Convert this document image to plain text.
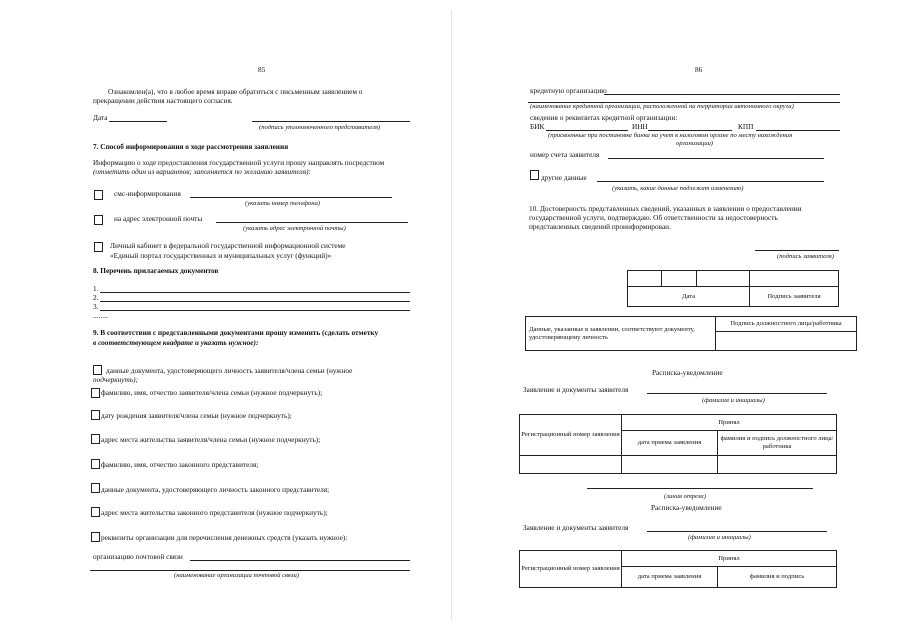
85
Ознакомлен(а), что в любое время вправе обратиться с письменным заявлением о
прекращении действия настоящего согласия.
Дата
(подпись уполномоченного представителя)
7. Способ информирования о ходе рассмотрения заявления
Информацию о ходе предоставления государственной услуги прошу направлять посредством
(отметить один из вариантов; заполняется по желанию заявителя):
смс-информирования
(указать номер телефона)
на адрес электронной почты
(указать адрес электронной почты)
Личный кабинет в федеральной государственной информационной системе
«Единый портал государственных и муниципальных услуг (функций)»
8. Перечень прилагаемых документов
1.
2.
3.
........
9. В соответствии с представленными документами прошу изменить (сделать отметку
в соответствующем квадрате и указать нужное):
данные документа, удостоверяющего личность заявителя/члена семьи (нужное
подчеркнуть);
фамилию, имя, отчество заявителя/члена семьи (нужное подчеркнуть);
дату рождения заявителя/члена семьи (нужное подчеркнуть);
адрес места жительства заявителя/члена семьи (нужное подчеркнуть);
фамилию, имя, отчество законного представителя;
данные документа, удостоверяющего личность законного представителя;
адрес места жительства законного представителя (нужное подчеркнуть);
реквизиты организации для перечисления денежных средств (указать нужное):
организацию почтовой связи
(наименование организации почтовой связи)
86
кредитную организацию
(наименование кредитной организации, расположенной на территории автономного округа)
сведения о реквизитах кредитной организации:
БИК	ИНН	КПП
(присвоенные при постановке банка на учет в налоговом органе по месту нахождения
организации)
номер счета заявителя
другие данные
(указать, какие данные подлежат изменению)
10. Достоверность представленных сведений, указанных в заявлении о предоставлении
государственной услуги, подтверждаю. Об ответственности за недостоверность
представленных сведений проинформирован.
(подпись заявителя)

Дата			Подпись заявителя
Данные, указанные в заявлении, соответствуют документу, удостоверяющему личность	Подпись должностного лица/работника

Расписка-уведомление
Заявление и документы заявителя
(фамилия и инициалы)
Регистрационный номер заявления	Принял	
	дата приема заявления	фамилия и подпись должностного лица/работника

(линия отреза)
Расписка-уведомление
Заявление и документы заявителя
(фамилия и инициалы)
Регистрационный номер заявления	Принял	
	дата приема заявления	фамилия и подпись
